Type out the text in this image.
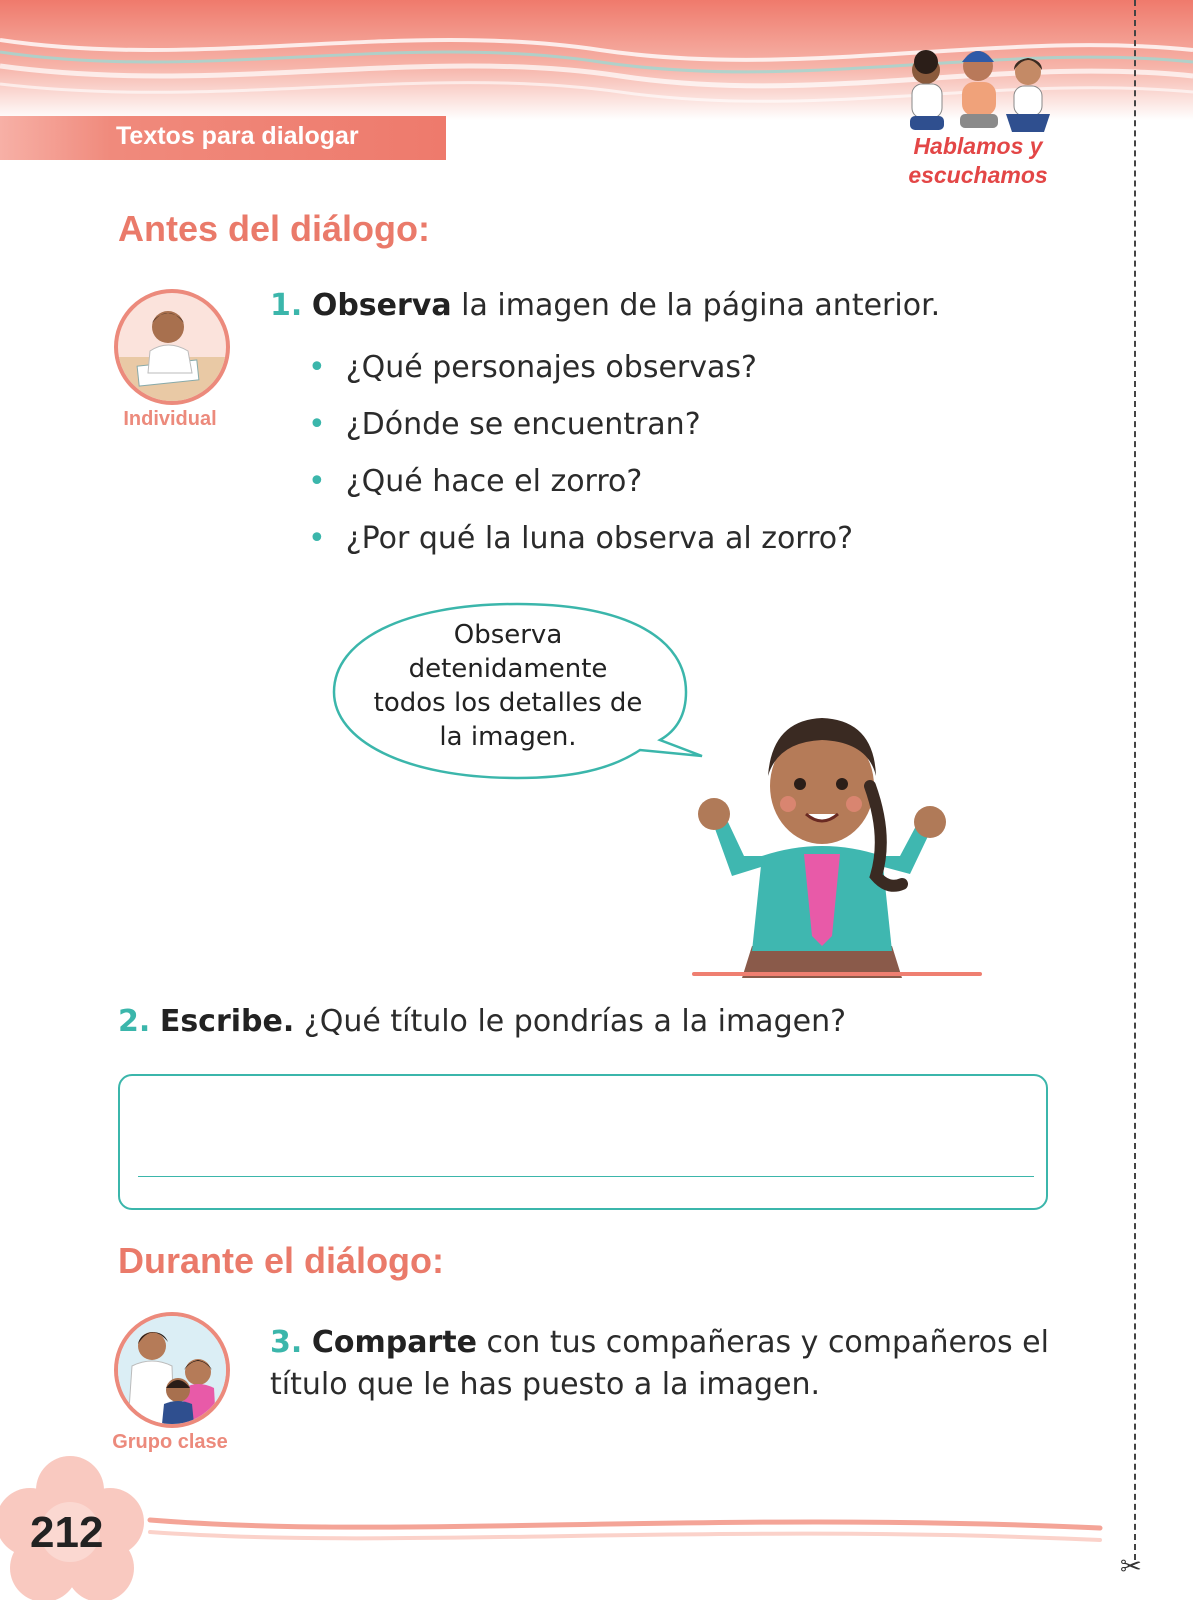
Textos para dialogar	Hablamos y
escuchamos
✂
Antes del diálogo:
Individual
1. Observa la imagen de la página anterior.
• ¿Qué personajes observas?
• ¿Dónde se encuentran?
• ¿Qué hace el zorro?
• ¿Por qué la luna observa al zorro?
Observa
detenidamente
todos los detalles de
la imagen.
2. Escribe. ¿Qué título le pondrías a la imagen?
Durante el diálogo:
Grupo clase
3. Comparte con tus compañeras y compañeros el título que le has puesto a la imagen.
212
